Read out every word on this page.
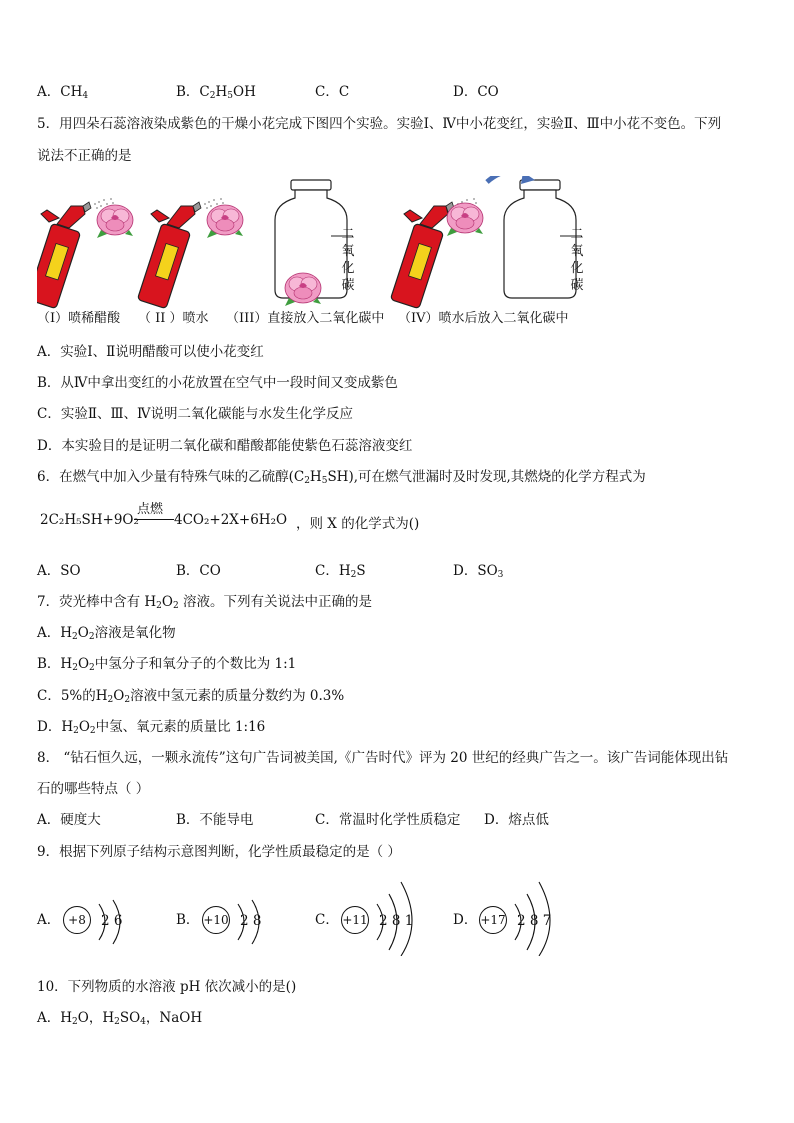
A．$CH_4$	B．$C_2H_5OH$	C．C	D．CO
5．用四朵石蕊溶液染成紫色的干燥小花完成下图四个实验。实验Ⅰ、Ⅳ中小花变红，实验Ⅱ、Ⅲ中小花不变色。下列
说法不正确的是
二
氧
化
碳
二
氧
化
碳
（I）喷稀醋酸 （ II ）喷水 （III）直接放入二氧化碳中 （IV）喷水后放入二氧化碳中
A．实验Ⅰ、Ⅱ说明醋酸可以使小花变红
B．从Ⅳ中拿出变红的小花放置在空气中一段时间又变成紫色
C．实验Ⅱ、Ⅲ、Ⅳ说明二氧化碳能与水发生化学反应
D．本实验目的是证明二氧化碳和醋酸都能使紫色石蕊溶液变红
6．在燃气中加入少量有特殊气味的乙硫醇$(C_2H_5SH)$,可在燃气泄漏时及时发现,其燃烧的化学方程式为
2C₂H₅SH+9O₂
点燃
4CO₂+2X+6H₂O ，则 X 的化学式为()
A．SO	B．CO	C．$H_2S$	D．$SO_3$
7．荧光棒中含有 $H_2O_2$ 溶液。下列有关说法中正确的是
A．$H_2O_2$溶液是氧化物
B．$H_2O_2$中氢分子和氧分子的个数比为 1:1
C．5%的$H_2O_2$溶液中氢元素的质量分数约为 0.3%
D．$H_2O_2$中氢、氧元素的质量比 1:16
8． “钻石恒久远，一颗永流传”这句广告词被美国,《广告时代》评为 20 世纪的经典广告之一。该广告词能体现出钻
石的哪些特点（ ）
A．硬度大	B．不能导电	C．常温时化学性质稳定 D．熔点低
9．根据下列原子结构示意图判断，化学性质最稳定的是（ ）
A． +8	2 6	B． +10 2 8	C． +11 2 8 1	D． +17 2 8 7
10．下列物质的水溶液 pH 依次减小的是()
A．$H_2O$，$H_2SO_4$，NaOH
